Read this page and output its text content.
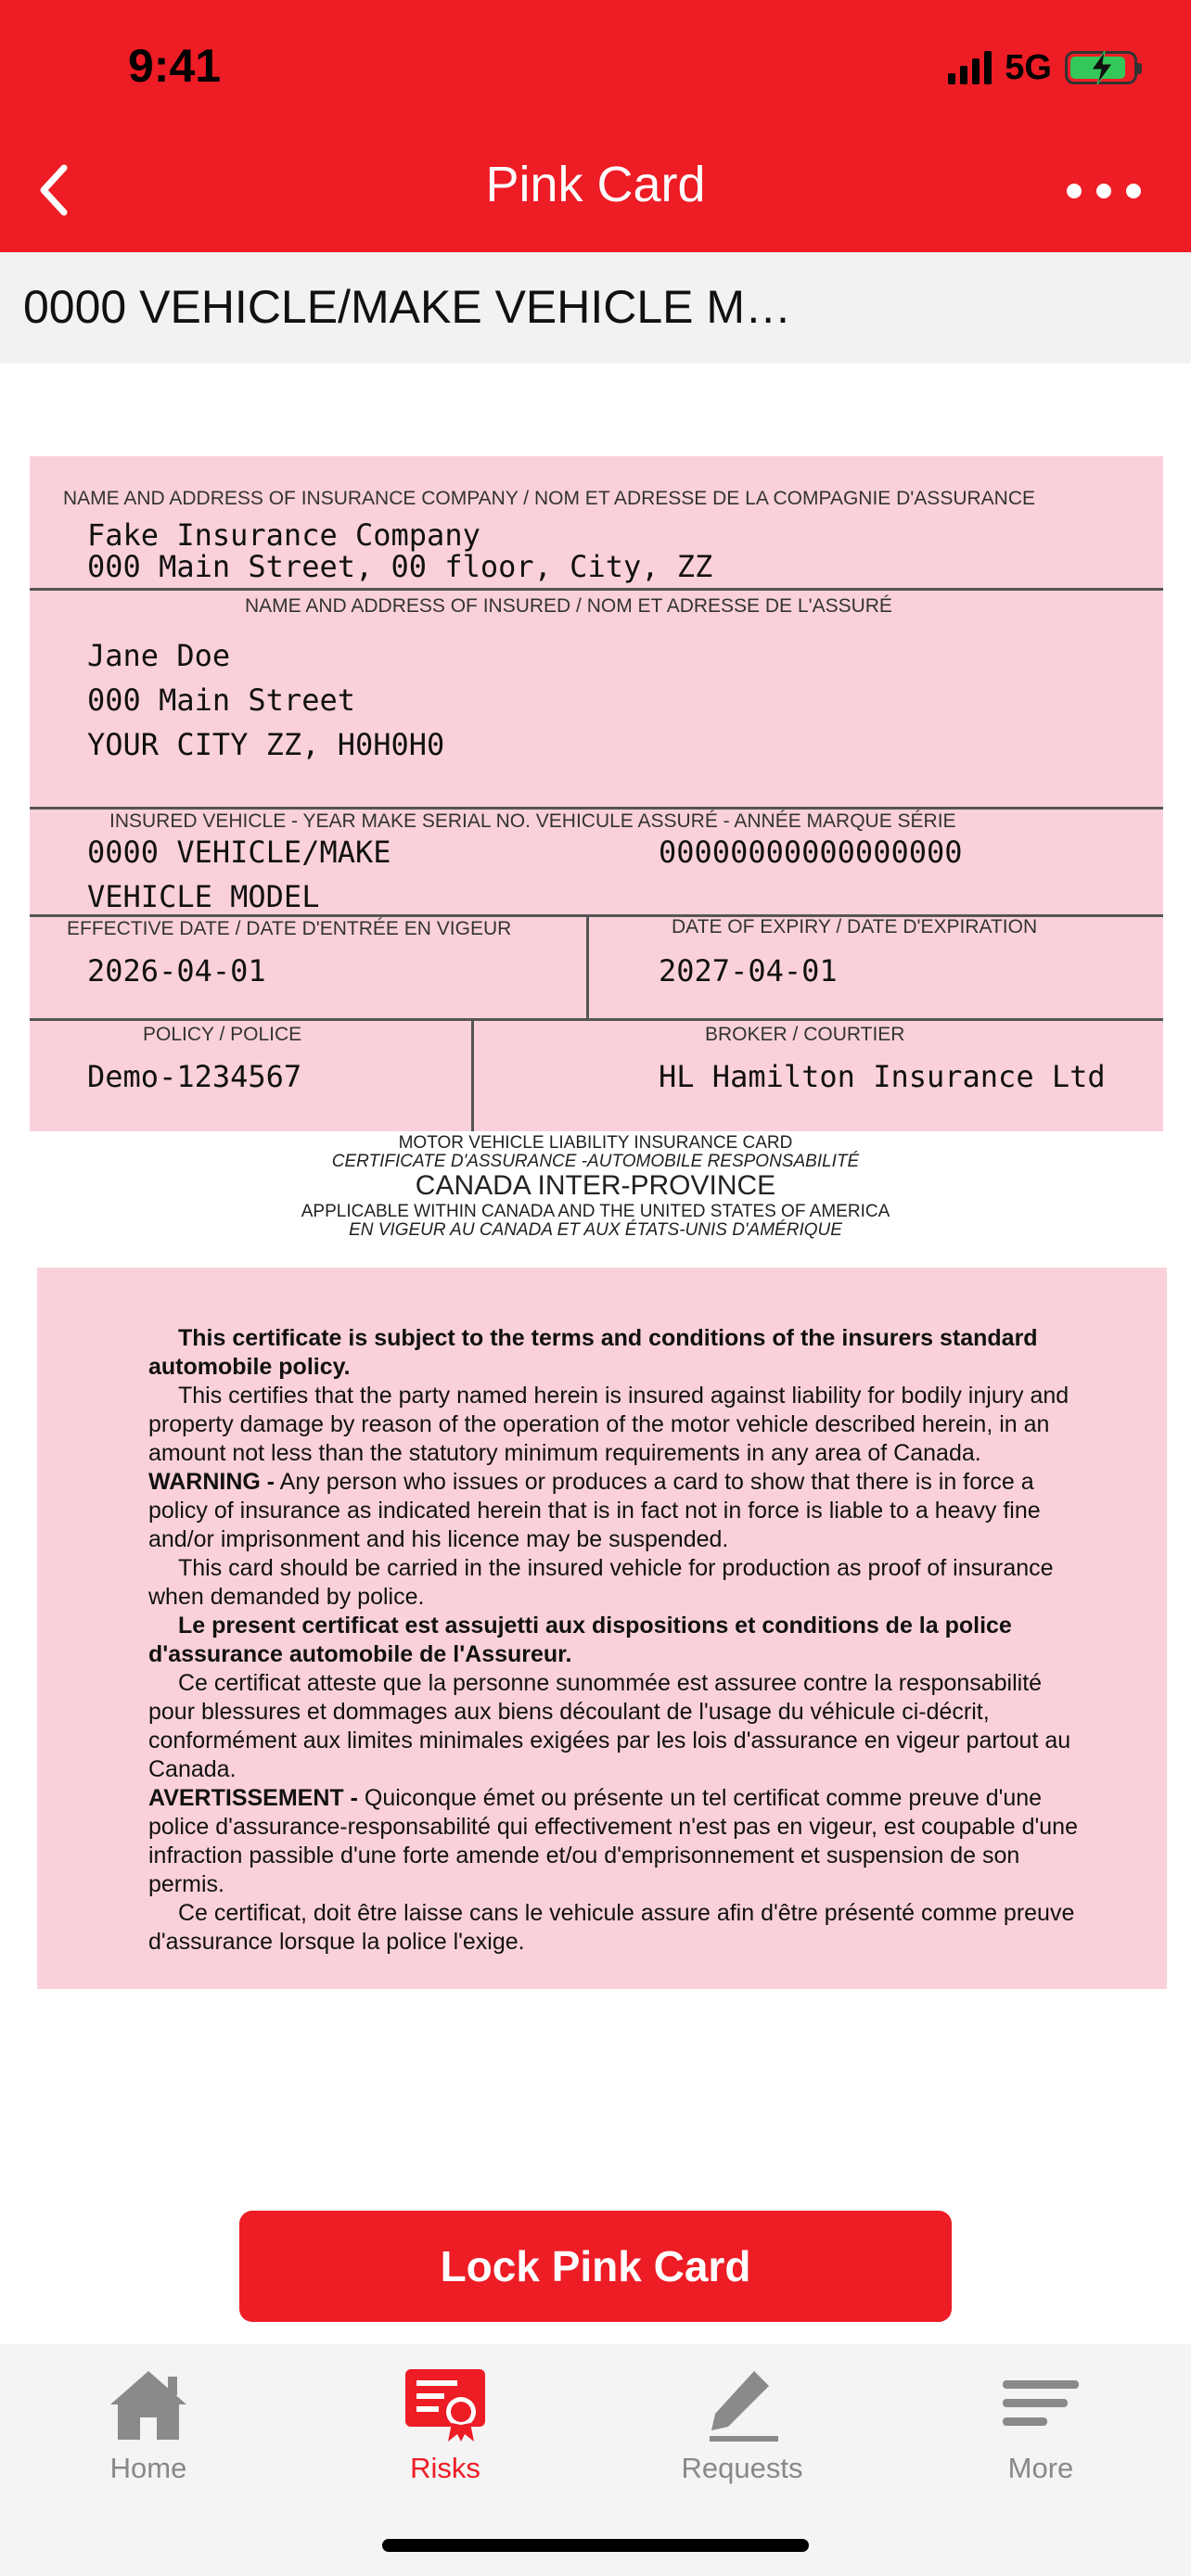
9:41	5G
Pink Card
0000 VEHICLE/MAKE VEHICLE M…
NAME AND ADDRESS OF INSURANCE COMPANY / NOM ET ADRESSE DE LA COMPAGNIE D'ASSURANCE
Fake Insurance Company
000 Main Street, 00 floor, City, ZZ
NAME AND ADDRESS OF INSURED / NOM ET ADRESSE DE L'ASSURÉ
Jane Doe
000 Main Street
YOUR CITY ZZ, H0H0H0
INSURED VEHICLE - YEAR MAKE SERIAL NO. VEHICULE ASSURÉ - ANNÉE MARQUE SÉRIE
0000 VEHICLE/MAKE
VEHICLE MODEL
00000000000000000
EFFECTIVE DATE / DATE D'ENTRÉE EN VIGEUR
2026-04-01
DATE OF EXPIRY / DATE D'EXPIRATION
2027-04-01
POLICY / POLICE
Demo-1234567
BROKER / COURTIER
HL Hamilton Insurance Ltd
MOTOR VEHICLE LIABILITY INSURANCE CARD
CERTIFICATE D'ASSURANCE -AUTOMOBILE RESPONSABILITÉ
CANADA INTER-PROVINCE
APPLICABLE WITHIN CANADA AND THE UNITED STATES OF AMERICA
EN VIGEUR AU CANADA ET AUX ÉTATS-UNIS D'AMÉRIQUE

This certificate is subject to the terms and conditions of the insurers standard automobile policy.

This certifies that the party named herein is insured against liability for bodily injury and property damage by reason of the operation of the motor vehicle described herein, in an amount not less than the statutory minimum requirements in any area of Canada.

WARNING - Any person who issues or produces a card to show that there is in force a policy of insurance as indicated herein that is in fact not in force is liable to a heavy fine and/or imprisonment and his licence may be suspended.

This card should be carried in the insured vehicle for production as proof of insurance when demanded by police.

Le present certificat est assujetti aux dispositions et conditions de la police d'assurance automobile de l'Assureur.

Ce certificat atteste que la personne sunommée est assuree contre la responsabilité pour blessures et dommages aux biens découlant de l'usage du véhicule ci-décrit, conformément aux limites minimales exigées par les lois d'assurance en vigeur partout au Canada.

AVERTISSEMENT - Quiconque émet ou présente un tel certificat comme preuve d'une police d'assurance-responsabilité qui effectivement n'est pas en vigeur, est coupable d'une infraction passible d'une forte amende et/ou d'emprisonnement et suspension de son permis.

Ce certificat, doit être laisse cans le vehicule assure afin d'être présenté comme preuve d'assurance lorsque la police l'exige.

Lock Pink Card
Home	Risks	Requests	More
